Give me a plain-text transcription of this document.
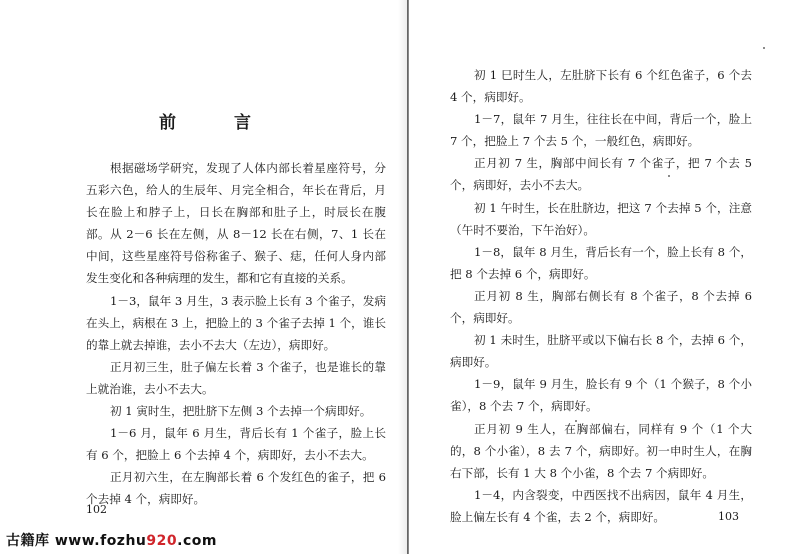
前 言

根据磁场学研究，发现了人体内部长着星座符号，分五彩六色，给人的生辰年、月完全相合，年长在背后，月长在脸上和脖子上，日长在胸部和肚子上，时辰长在腹部。从 2－6 长在左侧，从 8－12 长在右侧，7、1 长在中间，这些星座符号俗称雀子、猴子、痣，任何人身内部发生变化和各种病理的发生，都和它有直接的关系。

1－3，鼠年 3 月生，3 表示脸上长有 3 个雀子，发病在头上，病根在 3 上，把脸上的 3 个雀子去掉 1 个，谁长的靠上就去掉谁，去小不去大（左边），病即好。

正月初三生，肚子偏左长着 3 个雀子，也是谁长的靠上就治谁，去小不去大。

初 1 寅时生，把肚脐下左侧 3 个去掉一个病即好。

1－6 月，鼠年 6 月生，背后长有 1 个雀子，脸上长有 6 个，把脸上 6 个去掉 4 个，病即好，去小不去大。

正月初六生，在左胸部长着 6 个发红色的雀子，把 6 个去掉 4 个，病即好。

102

初 1 巳时生人，左肚脐下长有 6 个红色雀子，6 个去 4 个，病即好。

1－7，鼠年 7 月生，往往长在中间，背后一个，脸上 7 个，把脸上 7 个去 5 个，一般红色，病即好。

正月初 7 生，胸部中间长有 7 个雀子，把 7 个去 5 个，病即好，去小不去大。

初 1 午时生，长在肚脐边，把这 7 个去掉 5 个，注意（午时不要治，下午治好）。

1－8，鼠年 8 月生，背后长有一个，脸上长有 8 个，把 8 个去掉 6 个，病即好。

正月初 8 生，胸部右侧长有 8 个雀子，8 个去掉 6 个，病即好。

初 1 未时生，肚脐平或以下偏右长 8 个，去掉 6 个，病即好。

1－9，鼠年 9 月生，脸长有 9 个（1 个猴子，8 个小雀），8 个去 7 个，病即好。

正月初 9 生人，在胸部偏右，同样有 9 个（1 个大的，8 个小雀），8 去 7 个，病即好。初一申时生人，在胸右下部，长有 1 大 8 个小雀，8 个去 7 个病即好。

1－4，内含裂变，中西医找不出病因，鼠年 4 月生，脸上偏左长有 4 个雀，去 2 个，病即好。	103
古籍库 www.fozhu920.com
